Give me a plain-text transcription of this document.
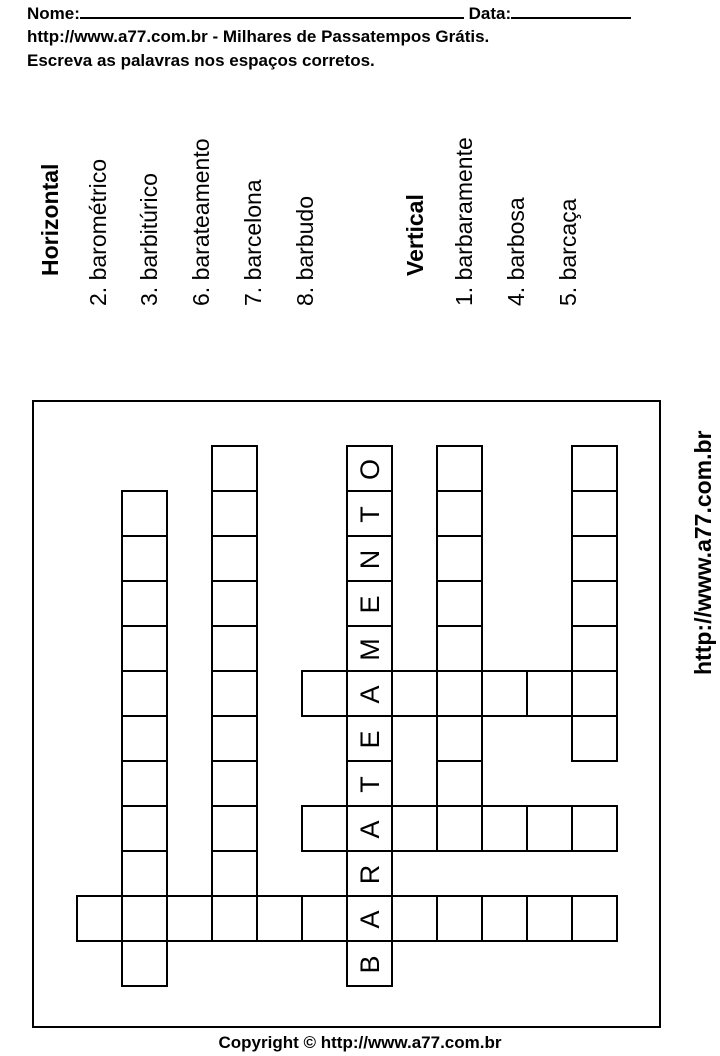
Nome:	Data:
http://www.a77.com.br - Milhares de Passatempos Grátis.
Escreva as palavras nos espaços corretos.
Horizontal 2. barométrico 3. barbitúrico 6. barateamento 7. barcelona 8. barbudo	Vertical 1. barbaramente 4. barbosa 5. barcaça
B
A
R
A
T
E
A
M
E
N
T
O	http://www.a77.com.br
Copyright © http://www.a77.com.br
